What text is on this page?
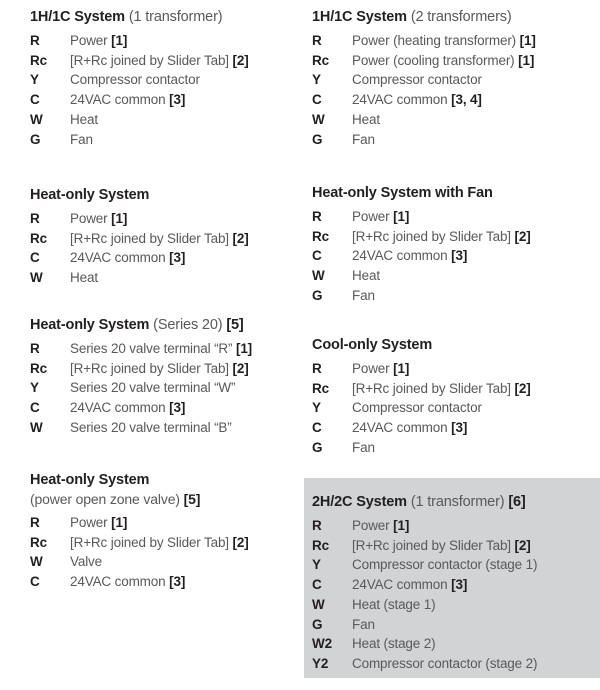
1H/1C System (1 transformer)
R	Power [1]
Rc	[R+Rc joined by Slider Tab] [2]
Y	Compressor contactor
C	24VAC common [3]
W	Heat
G	Fan
Heat-only System
R	Power [1]
Rc	[R+Rc joined by Slider Tab] [2]
C	24VAC common [3]
W	Heat
Heat-only System (Series 20) [5]
R	Series 20 valve terminal “R” [1]
Rc	[R+Rc joined by Slider Tab] [2]
Y	Series 20 valve terminal “W”
C	24VAC common [3]
W	Series 20 valve terminal “B”
Heat-only System
(power open zone valve) [5]
R	Power [1]
Rc	[R+Rc joined by Slider Tab] [2]
W	Valve
C	24VAC common [3]
1H/1C System (2 transformers)
R	Power (heating transformer) [1]
Rc	Power (cooling transformer) [1]
Y	Compressor contactor
C	24VAC common [3, 4]
W	Heat
G	Fan
Heat-only System with Fan
R	Power [1]
Rc	[R+Rc joined by Slider Tab] [2]
C	24VAC common [3]
W	Heat
G	Fan
Cool-only System
R	Power [1]
Rc	[R+Rc joined by Slider Tab] [2]
Y	Compressor contactor
C	24VAC common [3]
G	Fan
2H/2C System (1 transformer) [6]
R	Power [1]
Rc	[R+Rc joined by Slider Tab] [2]
Y	Compressor contactor (stage 1)
C	24VAC common [3]
W	Heat (stage 1)
G	Fan
W2	Heat (stage 2)
Y2	Compressor contactor (stage 2)
